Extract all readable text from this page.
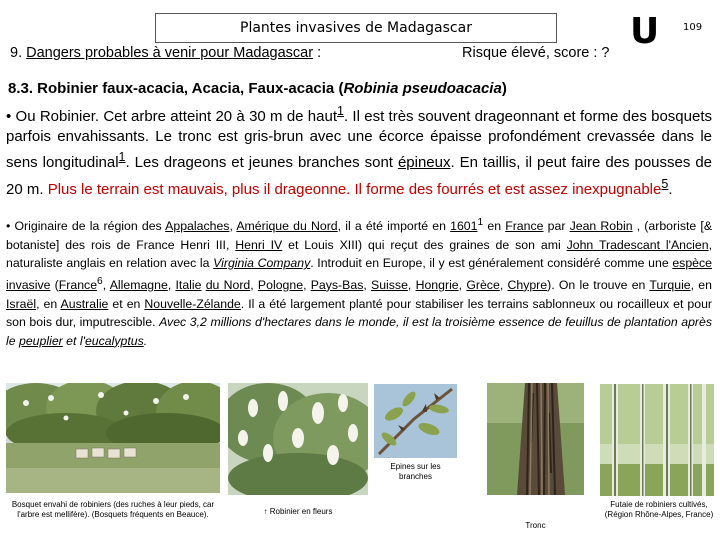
Plantes invasives de Madagascar	U 109
9. Dangers probables à venir pour Madagascar :	Risque élevé, score : ?
8.3. Robinier faux-acacia, Acacia, Faux-acacia (Robinia pseudoacacia)
• Ou Robinier. Cet arbre atteint 20 à 30 m de haut$^1$. Il est très souvent drageonnant et forme des bosquets parfois envahissants. Le tronc est gris-brun avec une écorce épaisse profondément crevassée dans le sens longitudinal$^1$. Les drageons et jeunes branches sont épineux. En taillis, il peut faire des pousses de 20 m. Plus le terrain est mauvais, plus il drageonne. Il forme des fourrés et est assez inexpugnable$^5$.
• Originaire de la région des Appalaches, Amérique du Nord, il a été importé en 1601$^1$ en France par Jean Robin , (arboriste [& botaniste] des rois de France Henri III, Henri IV et Louis XIII) qui reçut des graines de son ami John Tradescant l'Ancien, naturaliste anglais en relation avec la Virginia Company. Introduit en Europe, il y est généralement considéré comme une espèce invasive (France$^6$, Allemagne, Italie du Nord, Pologne, Pays-Bas, Suisse, Hongrie, Grèce, Chypre). On le trouve en Turquie, en Israël, en Australie et en Nouvelle-Zélande. Il a été largement planté pour stabiliser les terrains sablonneux ou rocailleux et pour son bois dur, imputrescible. Avec 3,2 millions d'hectares dans le monde, il est la troisième essence de feuillus de plantation après le peuplier et l'eucalyptus.
Bosquet envahi de robiniers (des ruches à leur pieds, car l'arbre est mellifère). (Bosquets fréquents en Beauce).	↑ Robinier en fleurs
Epines sur les branches
Tronc
Futaie de robiniers cultivés, (Région Rhône-Alpes, France)
